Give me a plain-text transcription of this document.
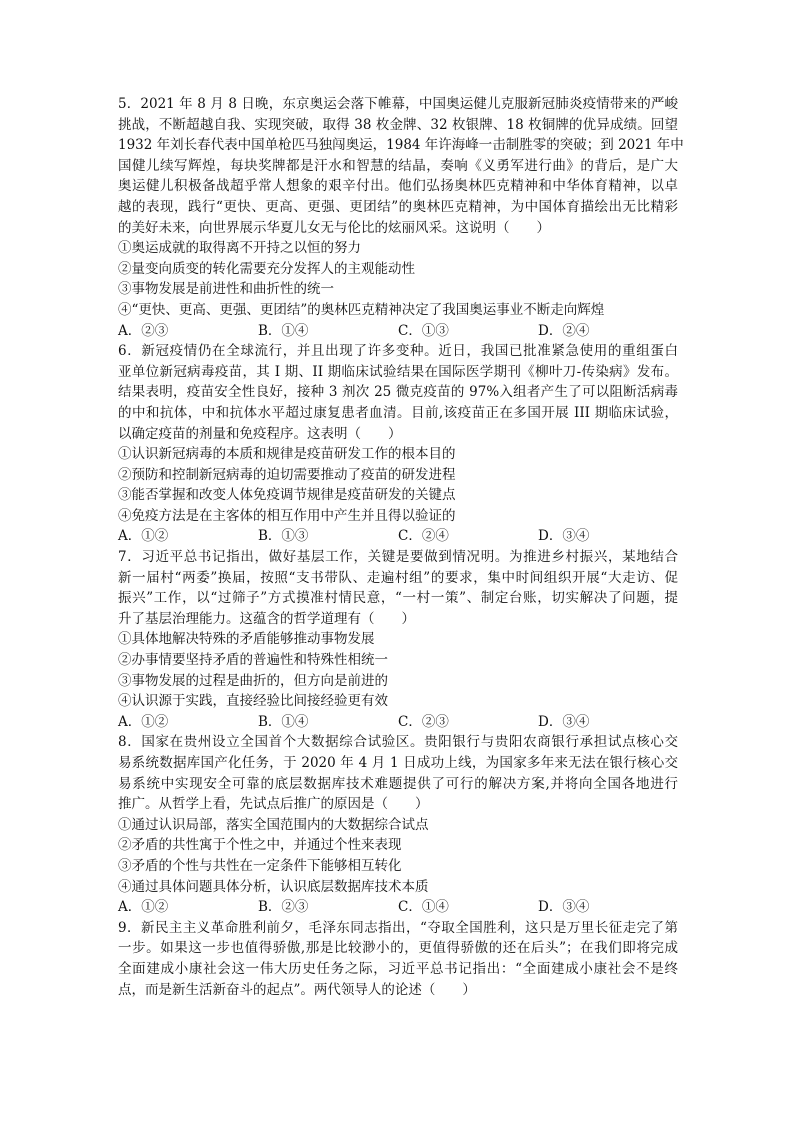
5．2021 年 8 月 8 日晚，东京奥运会落下帷幕，中国奥运健儿克服新冠肺炎疫情带来的严峻
挑战，不断超越自我、实现突破，取得 38 枚金牌、32 枚银牌、18 枚铜牌的优异成绩。回望
1932 年刘长春代表中国单枪匹马独闯奥运，1984 年许海峰一击制胜零的突破；到 2021 年中
国健儿续写辉煌，每块奖牌都是汗水和智慧的结晶，奏响《义勇军进行曲》的背后，是广大
奥运健儿积极备战超乎常人想象的艰辛付出。他们弘扬奥林匹克精神和中华体育精神，以卓
越的表现，践行“更快、更高、更强、更团结”的奥林匹克精神，为中国体育描绘出无比精彩
的美好未来，向世界展示华夏儿女无与伦比的炫丽风采。这说明（　　）
①奥运成就的取得离不开持之以恒的努力
②量变向质变的转化需要充分发挥人的主观能动性
③事物发展是前进性和曲折性的统一
④“更快、更高、更强、更团结”的奥林匹克精神决定了我国奥运事业不断走向辉煌
A．②③	B．①④	C．①③	D．②④
6．新冠疫情仍在全球流行，并且出现了许多变种。近日，我国已批准紧急使用的重组蛋白
亚单位新冠病毒疫苗，其 I 期、II 期临床试验结果在国际医学期刊《柳叶刀-传染病》发布。
结果表明，疫苗安全性良好，接种 3 剂次 25 微克疫苗的 97%入组者产生了可以阻断活病毒
的中和抗体，中和抗体水平超过康复患者血清。目前,该疫苗正在多国开展 III 期临床试验，
以确定疫苗的剂量和免疫程序。这表明（　　）
①认识新冠病毒的本质和规律是疫苗研发工作的根本目的
②预防和控制新冠病毒的迫切需要推动了疫苗的研发进程
③能否掌握和改变人体免疫调节规律是疫苗研发的关键点
④免疫方法是在主客体的相互作用中产生并且得以验证的
A．①②	B．①③	C．②④	D．③④
7．习近平总书记指出，做好基层工作，关键是要做到情况明。为推进乡村振兴，某地结合
新一届村“两委”换届，按照“支书带队、走遍村组”的要求，集中时间组织开展“大走访、促
振兴”工作，以“过筛子”方式摸准村情民意，“一村一策”、制定台账，切实解决了问题，提
升了基层治理能力。这蕴含的哲学道理有（　　）
①具体地解决特殊的矛盾能够推动事物发展
②办事情要坚持矛盾的普遍性和特殊性相统一
③事物发展的过程是曲折的，但方向是前进的
④认识源于实践，直接经验比间接经验更有效
A．①②	B．①④	C．②③	D．③④
8．国家在贵州设立全国首个大数据综合试验区。贵阳银行与贵阳农商银行承担试点核心交
易系统数据库国产化任务，于 2020 年 4 月 1 日成功上线，为国家多年来无法在银行核心交
易系统中实现安全可靠的底层数据库技术难题提供了可行的解决方案,并将向全国各地进行
推广。从哲学上看，先试点后推广的原因是（　　）
①通过认识局部，落实全国范围内的大数据综合试点
②矛盾的共性寓于个性之中，并通过个性来表现
③矛盾的个性与共性在一定条件下能够相互转化
④通过具体问题具体分析，认识底层数据库技术本质
A．①②	B．②③	C．①④	D．③④
9．新民主主义革命胜利前夕，毛泽东同志指出，“夺取全国胜利，这只是万里长征走完了第
一步。如果这一步也值得骄傲,那是比较渺小的，更值得骄傲的还在后头”；在我们即将完成
全面建成小康社会这一伟大历史任务之际，习近平总书记指出：“全面建成小康社会不是终
点，而是新生活新奋斗的起点”。两代领导人的论述（　　）
